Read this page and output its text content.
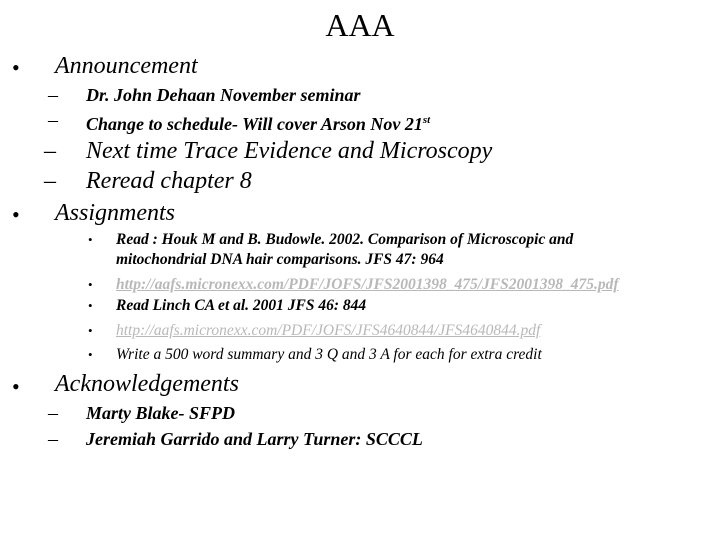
AAA
• Announcement
– Dr. John Dehaan November seminar
– Change to schedule- Will cover Arson Nov 21st
– Next time Trace Evidence and Microscopy
– Reread chapter 8
• Assignments
• Read : Houk M and B. Budowle. 2002. Comparison of Microscopic and
mitochondrial DNA hair comparisons. JFS 47: 964
• http://aafs.micronexx.com/PDF/JOFS/JFS2001398_475/JFS2001398_475.pdf
• Read Linch CA et al. 2001 JFS 46: 844
• http://aafs.micronexx.com/PDF/JOFS/JFS4640844/JFS4640844.pdf
• Write a 500 word summary and 3 Q and 3 A for each for extra credit
• Acknowledgements
– Marty Blake- SFPD
– Jeremiah Garrido and Larry Turner: SCCCL
